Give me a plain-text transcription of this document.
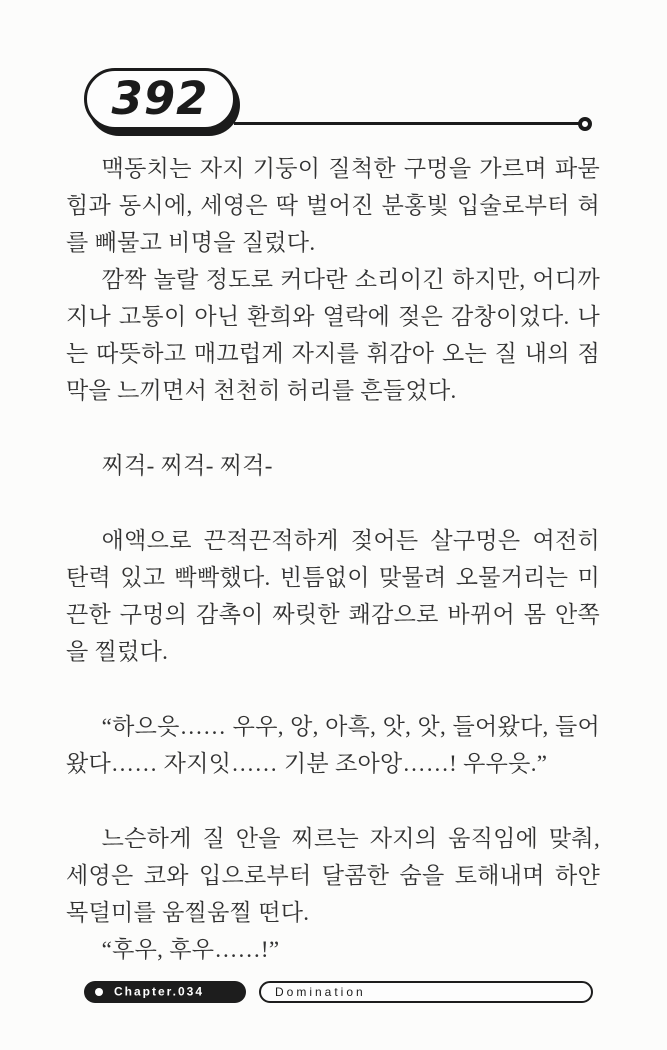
392

맥동치는 자지 기둥이 질척한 구멍을 가르며 파묻힘과 동시에, 세영은 딱 벌어진 분홍빛 입술로부터 혀를 빼물고 비명을 질렀다.

깜짝 놀랄 정도로 커다란 소리이긴 하지만, 어디까지나 고통이 아닌 환희와 열락에 젖은 감창이었다. 나는 따뜻하고 매끄럽게 자지를 휘감아 오는 질 내의 점막을 느끼면서 천천히 허리를 흔들었다.

찌걱- 찌걱- 찌걱-

애액으로 끈적끈적하게 젖어든 살구멍은 여전히 탄력 있고 빡빡했다. 빈틈없이 맞물려 오물거리는 미끈한 구멍의 감촉이 짜릿한 쾌감으로 바뀌어 몸 안쪽을 찔렀다.

“하으읏…… 우우, 앙, 아흑, 앗, 앗, 들어왔다, 들어왔다…… 자지잇…… 기분 조아앙……! 우우읏.”

느슨하게 질 안을 찌르는 자지의 움직임에 맞춰, 세영은 코와 입으로부터 달콤한 숨을 토해내며 하얀 목덜미를 움찔움찔 떤다.

“후우, 후우……!”

Chapter.034	Domination
